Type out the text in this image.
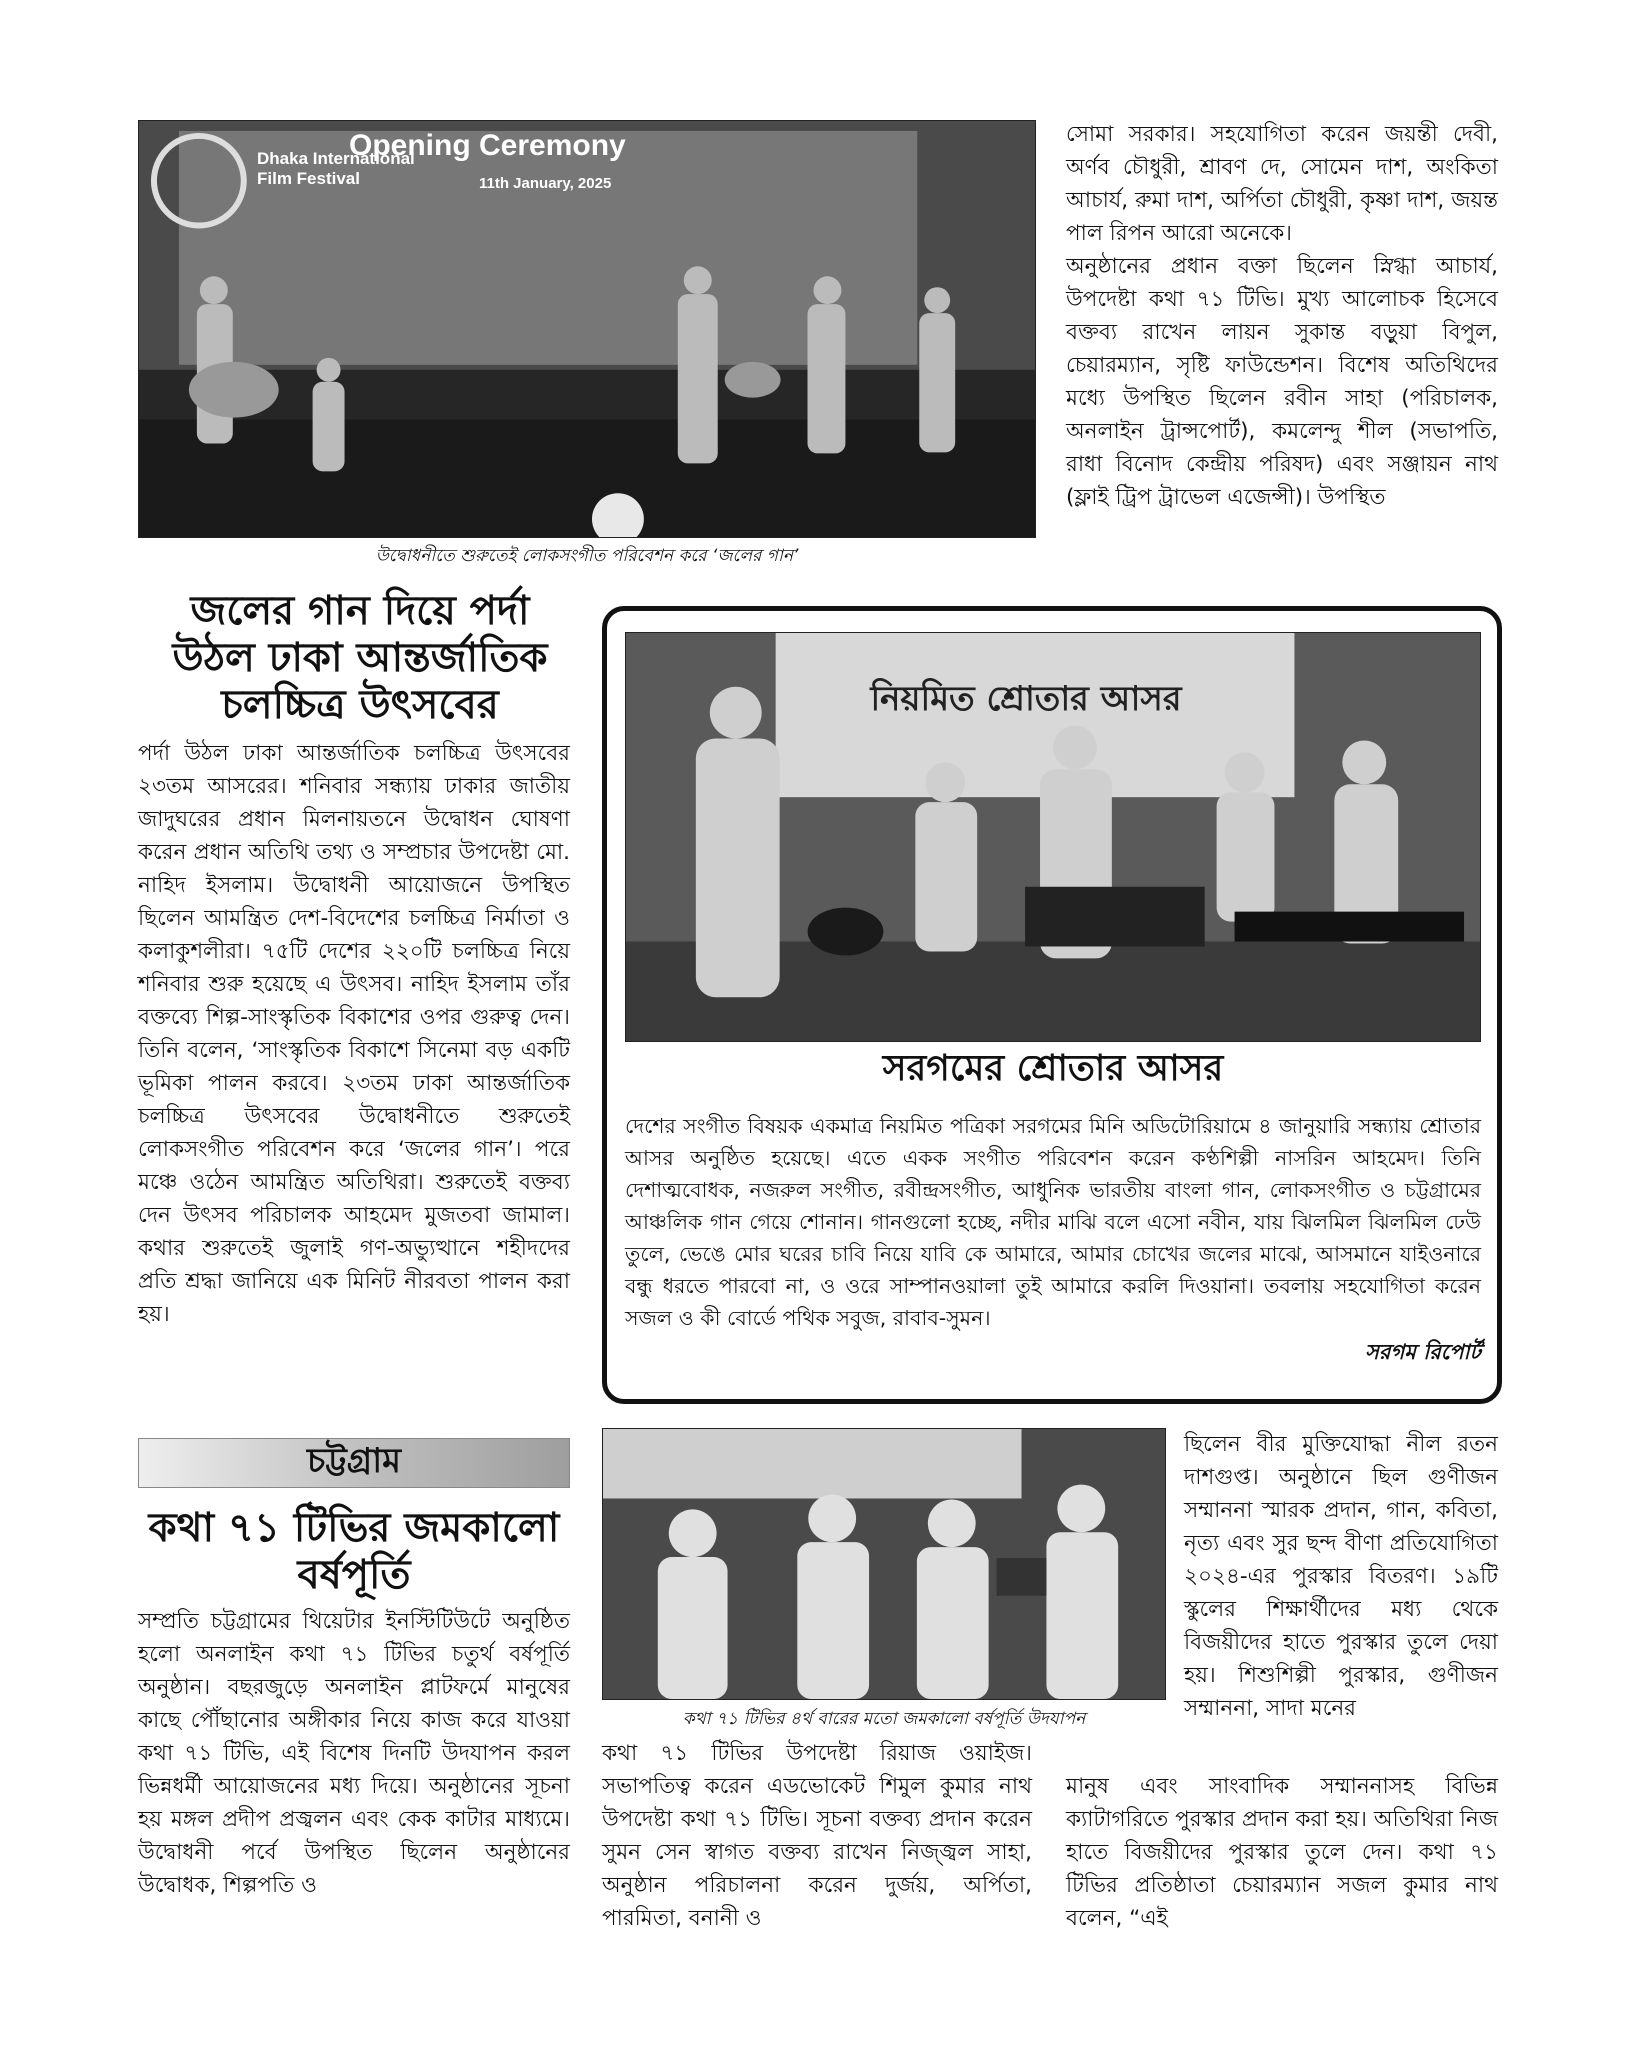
Opening Ceremony
Dhaka International Film Festival	11th January, 2025
উদ্বোধনীতে শুরুতেই লোকসংগীত পরিবেশন করে ‘জলের গান’

সোমা সরকার। সহযোগিতা করেন জয়ন্তী দেবী, অর্ণব চৌধুরী, শ্রাবণ দে, সোমেন দাশ, অংকিতা আচার্য, রুমা দাশ, অর্পিতা চৌধুরী, কৃষ্ণা দাশ, জয়ন্ত পাল রিপন আরো অনেকে।

অনুষ্ঠানের প্রধান বক্তা ছিলেন স্নিগ্ধা আচার্য, উপদেষ্টা কথা ৭১ টিভি। মুখ্য আলোচক হিসেবে বক্তব্য রাখেন লায়ন সুকান্ত বড়ুয়া বিপুল, চেয়ারম্যান, সৃষ্টি ফাউন্ডেশন। বিশেষ অতিথিদের মধ্যে উপস্থিত ছিলেন রবীন সাহা (পরিচালক, অনলাইন ট্রান্সপোর্ট), কমলেন্দু শীল (সভাপতি, রাধা বিনোদ কেন্দ্রীয় পরিষদ) এবং সঞ্জায়ন নাথ (ফ্লাই ট্রিপ ট্রাভেল এজেন্সী)। উপস্থিত

জলের গান দিয়ে পর্দা উঠল ঢাকা আন্তর্জাতিক চলচ্চিত্র উৎসবের

পর্দা উঠল ঢাকা আন্তর্জাতিক চলচ্চিত্র উৎসবের ২৩তম আসরের। শনিবার সন্ধ্যায় ঢাকার জাতীয় জাদুঘরের প্রধান মিলনায়তনে উদ্বোধন ঘোষণা করেন প্রধান অতিথি তথ্য ও সম্প্রচার উপদেষ্টা মো. নাহিদ ইসলাম। উদ্বোধনী আয়োজনে উপস্থিত ছিলেন আমন্ত্রিত দেশ-বিদেশের চলচ্চিত্র নির্মাতা ও কলাকুশলীরা। ৭৫টি দেশের ২২০টি চলচ্চিত্র নিয়ে শনিবার শুরু হয়েছে এ উৎসব। নাহিদ ইসলাম তাঁর বক্তব্যে শিল্প-সাংস্কৃতিক বিকাশের ওপর গুরুত্ব দেন। তিনি বলেন, ‘সাংস্কৃতিক বিকাশে সিনেমা বড় একটি ভূমিকা পালন করবে। ২৩তম ঢাকা আন্তর্জাতিক চলচ্চিত্র উৎসবের উদ্বোধনীতে শুরুতেই লোকসংগীত পরিবেশন করে ‘জলের গান’। পরে মঞ্চে ওঠেন আমন্ত্রিত অতিথিরা। শুরুতেই বক্তব্য দেন উৎসব পরিচালক আহমেদ মুজতবা জামাল। কথার শুরুতেই জুলাই গণ-অভ্যুত্থানে শহীদদের প্রতি শ্রদ্ধা জানিয়ে এক মিনিট নীরবতা পালন করা হয়।

নিয়মিত শ্রোতার আসর
সরগমের শ্রোতার আসর

দেশের সংগীত বিষয়ক একমাত্র নিয়মিত পত্রিকা সরগমের মিনি অডিটোরিয়ামে ৪ জানুয়ারি সন্ধ্যায় শ্রোতার আসর অনুষ্ঠিত হয়েছে। এতে একক সংগীত পরিবেশন করেন কণ্ঠশিল্পী নাসরিন আহমেদ। তিনি দেশাত্মবোধক, নজরুল সংগীত, রবীন্দ্রসংগীত, আধুনিক ভারতীয় বাংলা গান, লোকসংগীত ও চট্টগ্রামের আঞ্চলিক গান গেয়ে শোনান। গানগুলো হচ্ছে, নদীর মাঝি বলে এসো নবীন, যায় ঝিলমিল ঝিলমিল ঢেউ তুলে, ভেঙে মোর ঘরের চাবি নিয়ে যাবি কে আমারে, আমার চোখের জলের মাঝে, আসমানে যাইওনারে বন্ধু ধরতে পারবো না, ও ওরে সাম্পানওয়ালা তুই আমারে করলি দিওয়ানা। তবলায় সহযোগিতা করেন সজল ও কী বোর্ডে পথিক সবুজ, রাবাব-সুমন।

সরগম রিপোর্ট
চট্টগ্রাম
কথা ৭১ টিভির জমকালো বর্ষপূর্তি

সম্প্রতি চট্টগ্রামের থিয়েটার ইনস্টিটিউটে অনুষ্ঠিত হলো অনলাইন কথা ৭১ টিভির চতুর্থ বর্ষপূর্তি অনুষ্ঠান। বছরজুড়ে অনলাইন প্লাটফর্মে মানুষের কাছে পৌঁছানোর অঙ্গীকার নিয়ে কাজ করে যাওয়া কথা ৭১ টিভি, এই বিশেষ দিনটি উদযাপন করল ভিন্নধর্মী আয়োজনের মধ্য দিয়ে। অনুষ্ঠানের সূচনা হয় মঙ্গল প্রদীপ প্রজ্বলন এবং কেক কাটার মাধ্যমে। উদ্বোধনী পর্বে উপস্থিত ছিলেন অনুষ্ঠানের উদ্বোধক, শিল্পপতি ও

কথা ৭১ টিভির ৪র্থ বারের মতো জমকালো বর্ষপূর্তি উদযাপন

কথা ৭১ টিভির উপদেষ্টা রিয়াজ ওয়াইজ। সভাপতিত্ব করেন এডভোকেট শিমুল কুমার নাথ উপদেষ্টা কথা ৭১ টিভি। সূচনা বক্তব্য প্রদান করেন সুমন সেন স্বাগত বক্তব্য রাখেন নিজ্জ্বল সাহা, অনুষ্ঠান পরিচালনা করেন দুর্জয়, অর্পিতা, পারমিতা, বনানী ও

ছিলেন বীর মুক্তিযোদ্ধা নীল রতন দাশগুপ্ত। অনুষ্ঠানে ছিল গুণীজন সম্মাননা স্মারক প্রদান, গান, কবিতা, নৃত্য এবং সুর ছন্দ বীণা প্রতিযোগিতা ২০২৪-এর পুরস্কার বিতরণ। ১৯টি স্কুলের শিক্ষার্থীদের মধ্য থেকে বিজয়ীদের হাতে পুরস্কার তুলে দেয়া হয়। শিশুশিল্পী পুরস্কার, গুণীজন সম্মাননা, সাদা মনের

মানুষ এবং সাংবাদিক সম্মাননাসহ বিভিন্ন ক্যাটাগরিতে পুরস্কার প্রদান করা হয়। অতিথিরা নিজ হাতে বিজয়ীদের পুরস্কার তুলে দেন। কথা ৭১ টিভির প্রতিষ্ঠাতা চেয়ারম্যান সজল কুমার নাথ বলেন, “এই
